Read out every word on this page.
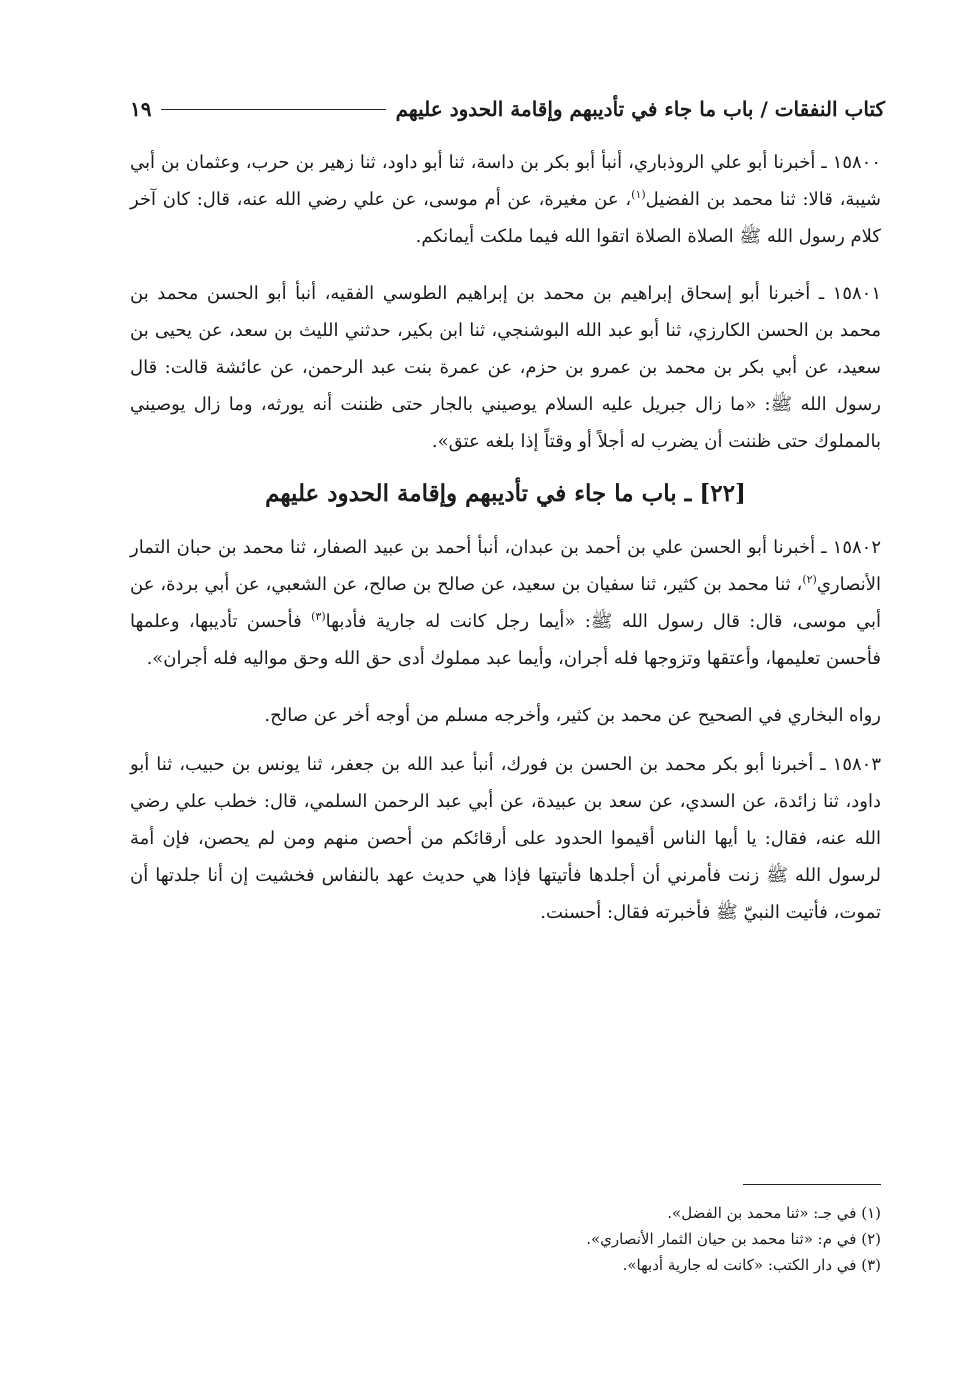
كتاب النفقات / باب ما جاء في تأديبهم وإقامة الحدود عليهم
١٩

١٥٨٠٠ ـ أخبرنا أبو علي الروذباري، أنبأ أبو بكر بن داسة، ثنا أبو داود، ثنا زهير بن حرب، وعثمان بن أبي شيبة، قالا: ثنا محمد بن الفضيل$^{(١)}$، عن مغيرة، عن أم موسى، عن علي رضي الله عنه، قال: كان آخر كلام رسول الله ﷺ الصلاة الصلاة اتقوا الله فيما ملكت أيمانكم.

١٥٨٠١ ـ أخبرنا أبو إسحاق إبراهيم بن محمد بن إبراهيم الطوسي الفقيه، أنبأ أبو الحسن محمد بن محمد بن الحسن الكارزي، ثنا أبو عبد الله البوشنجي، ثنا ابن بكير، حدثني الليث بن سعد، عن يحيى بن سعيد، عن أبي بكر بن محمد بن عمرو بن حزم، عن عمرة بنت عبد الرحمن، عن عائشة قالت: قال رسول الله ﷺ: «ما زال جبريل عليه السلام يوصيني بالجار حتى ظننت أنه يورثه، وما زال يوصيني بالمملوك حتى ظننت أن يضرب له أجلاً أو وقتاً إذا بلغه عتق».

[٢٢] ـ باب ما جاء في تأديبهم وإقامة الحدود عليهم

١٥٨٠٢ ـ أخبرنا أبو الحسن علي بن أحمد بن عبدان، أنبأ أحمد بن عبيد الصفار، ثنا محمد بن حبان التمار الأنصاري$^{(٢)}$، ثنا محمد بن كثير، ثنا سفيان بن سعيد، عن صالح بن صالح، عن الشعبي، عن أبي بردة، عن أبي موسى، قال: قال رسول الله ﷺ: «أيما رجل كانت له جارية فأدبها$^{(٣)}$ فأحسن تأديبها، وعلمها فأحسن تعليمها، وأعتقها وتزوجها فله أجران، وأيما عبد مملوك أدى حق الله وحق مواليه فله أجران».

رواه البخاري في الصحيح عن محمد بن كثير، وأخرجه مسلم من أوجه أخر عن صالح.

١٥٨٠٣ ـ أخبرنا أبو بكر محمد بن الحسن بن فورك، أنبأ عبد الله بن جعفر، ثنا يونس بن حبيب، ثنا أبو داود، ثنا زائدة، عن السدي، عن سعد بن عبيدة، عن أبي عبد الرحمن السلمي، قال: خطب علي رضي الله عنه، فقال: يا أيها الناس أقيموا الحدود على أرقائكم من أحصن منهم ومن لم يحصن، فإن أمة لرسول الله ﷺ زنت فأمرني أن أجلدها فأتيتها فإذا هي حديث عهد بالنفاس فخشيت إن أنا جلدتها أن تموت، فأتيت النبيّ ﷺ فأخبرته فقال: أحسنت.

(١) في جـ: «ثنا محمد بن الفضل».

(٢) في م: «ثنا محمد بن حيان الثمار الأنصاري».

(٣) في دار الكتب: «كانت له جارية أدبها».
